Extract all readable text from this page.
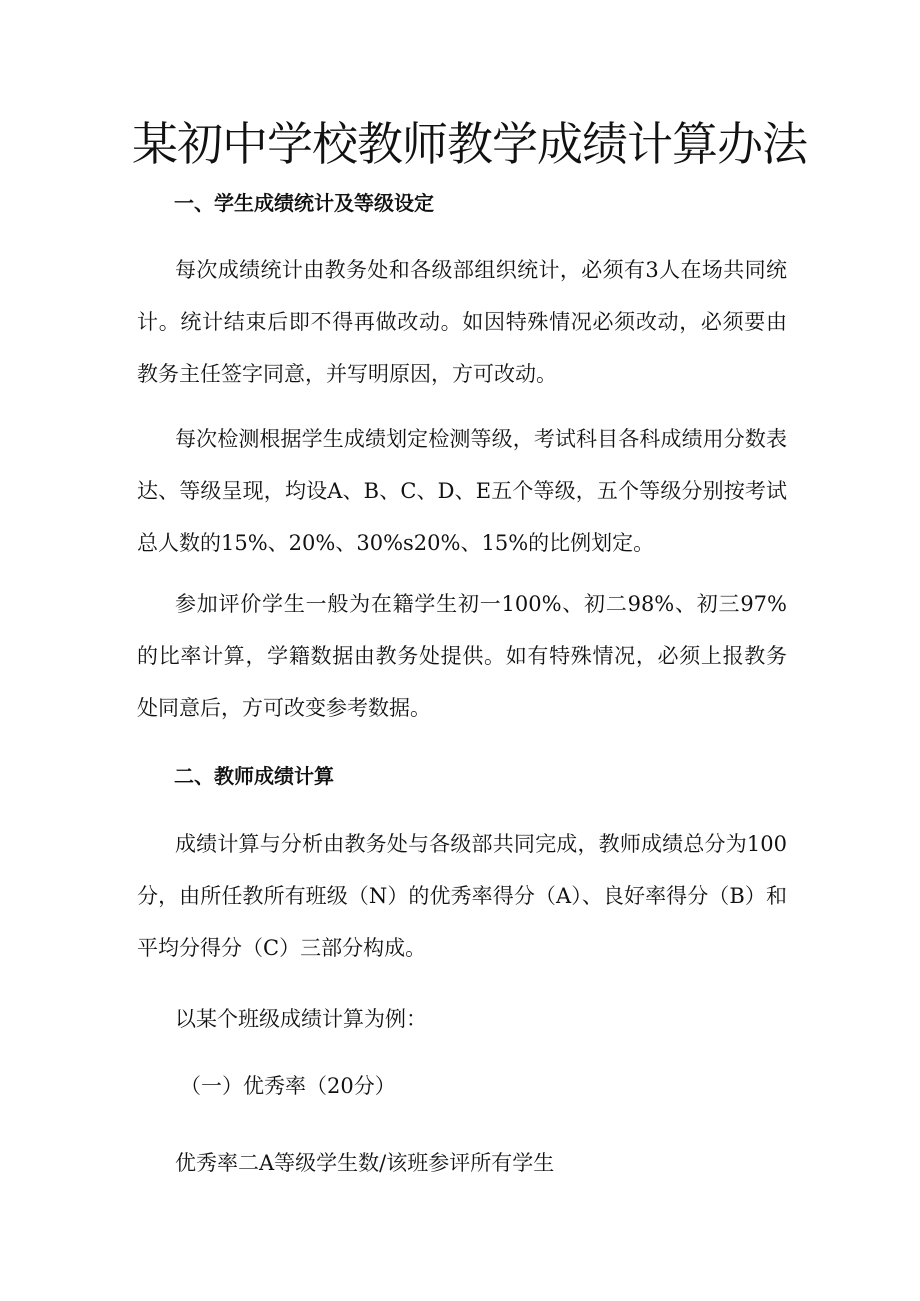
某初中学校教师教学成绩计算办法
一、学生成绩统计及等级设定

每次成绩统计由教务处和各级部组织统计，必须有3人在场共同统计。统计结束后即不得再做改动。如因特殊情况必须改动，必须要由教务主任签字同意，并写明原因，方可改动。

每次检测根据学生成绩划定检测等级，考试科目各科成绩用分数表达、等级呈现，均设A、B、C、D、E五个等级，五个等级分别按考试总人数的15%、20%、30%s20%、15%的比例划定。

参加评价学生一般为在籍学生初一100%、初二98%、初三97%的比率计算，学籍数据由教务处提供。如有特殊情况，必须上报教务处同意后，方可改变参考数据。

二、教师成绩计算

成绩计算与分析由教务处与各级部共同完成，教师成绩总分为100分，由所任教所有班级（N）的优秀率得分（A）、良好率得分（B）和平均分得分（C）三部分构成。

以某个班级成绩计算为例：

（一）优秀率（20分）

优秀率二A等级学生数/该班参评所有学生
